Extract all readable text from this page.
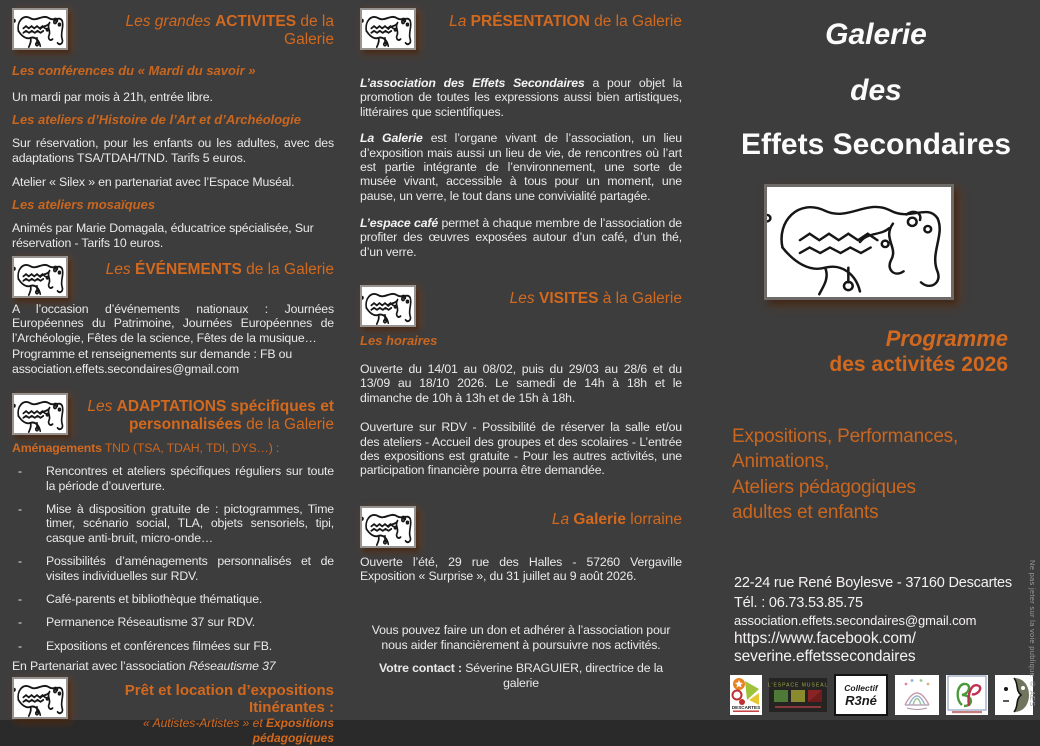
Les grandes ACTIVITES de la Galerie
Les conférences du « Mardi du savoir »

Un mardi par mois à 21h, entrée libre.

Les ateliers d’Histoire de l’Art et d’Archéologie

Sur réservation, pour les enfants ou les adultes, avec des adaptations TSA/TDAH/TND. Tarifs 5 euros.

Atelier « Silex » en partenariat avec l’Espace Muséal.

Les ateliers mosaïques

Animés par Marie Domagala, éducatrice spécialisée, Sur réservation - Tarifs 10 euros.

Les ÉVÉNEMENTS de la Galerie

A l’occasion d’événements nationaux : Journées Européennes du Patrimoine, Journées Européennes de l’Archéologie, Fêtes de la science, Fêtes de la musique…

Programme et renseignements sur demande : FB ou association.effets.secondaires@gmail.com

Les ADAPTATIONS spécifiques et personnalisées de la Galerie

Aménagements TND (TSA, TDAH, TDI, DYS…) :

- Rencontres et ateliers spécifiques réguliers sur toute la période d’ouverture.
- Mise à disposition gratuite de : pictogrammes, Time timer, scénario social, TLA, objets sensoriels, tipi, casque anti-bruit, micro-onde…
- Possibilités d’aménagements personnalisés et de visites individuelles sur RDV.
- Café-parents et bibliothèque thématique.
- Permanence Réseautisme 37 sur RDV.
- Expositions et conférences filmées sur FB.

En Partenariat avec l’association Réseautisme 37

Prêt et location d’expositions Itinérantes :
« Autistes-Artistes » et Expositions pédagogiques
La PRÉSENTATION de la Galerie

L’association des Effets Secondaires a pour objet la promotion de toutes les expressions aussi bien artistiques, littéraires que scientifiques.

La Galerie est l’organe vivant de l’association, un lieu d’exposition mais aussi un lieu de vie, de rencontres où l’art est partie intégrante de l’environnement, une sorte de musée vivant, accessible à tous pour un moment, une pause, un verre, le tout dans une convivialité partagée.

L’espace café permet à chaque membre de l’association de profiter des œuvres exposées autour d’un café, d’un thé, d’un verre.

Les VISITES à la Galerie
Les horaires

Ouverte du 14/01 au 08/02, puis du 29/03 au 28/6 et du 13/09 au 18/10 2026. Le samedi de 14h à 18h et le dimanche de 10h à 13h et de 15h à 18h.

Ouverture sur RDV - Possibilité de réserver la salle et/ou des ateliers - Accueil des groupes et des scolaires - L’entrée des expositions est gratuite - Pour les autres activités, une participation financière pourra être demandée.

La Galerie lorraine

Ouverte l’été, 29 rue des Halles - 57260 Vergaville Exposition « Surprise », du 31 juillet au 9 août 2026.

Vous pouvez faire un don et adhérer à l’association pour nous aider financièrement à poursuivre nos activités.

Votre contact : Séverine BRAGUIER, directrice de la galerie

Galerie
des
Effets Secondaires
Programme
des activités 2026
Expositions, Performances,
Animations,
Ateliers pédagogiques
adultes et enfants
22-24 rue René Boylesve - 37160 Descartes
Tél. : 06.73.53.85.75
association.effets.secondaires@gmail.com
https://www.facebook.com/
severine.effetssecondaires
DESCARTES
L'ESPACE MUSEAL Collectif
R3né	Ne pas jeter sur la voie publique © AES
